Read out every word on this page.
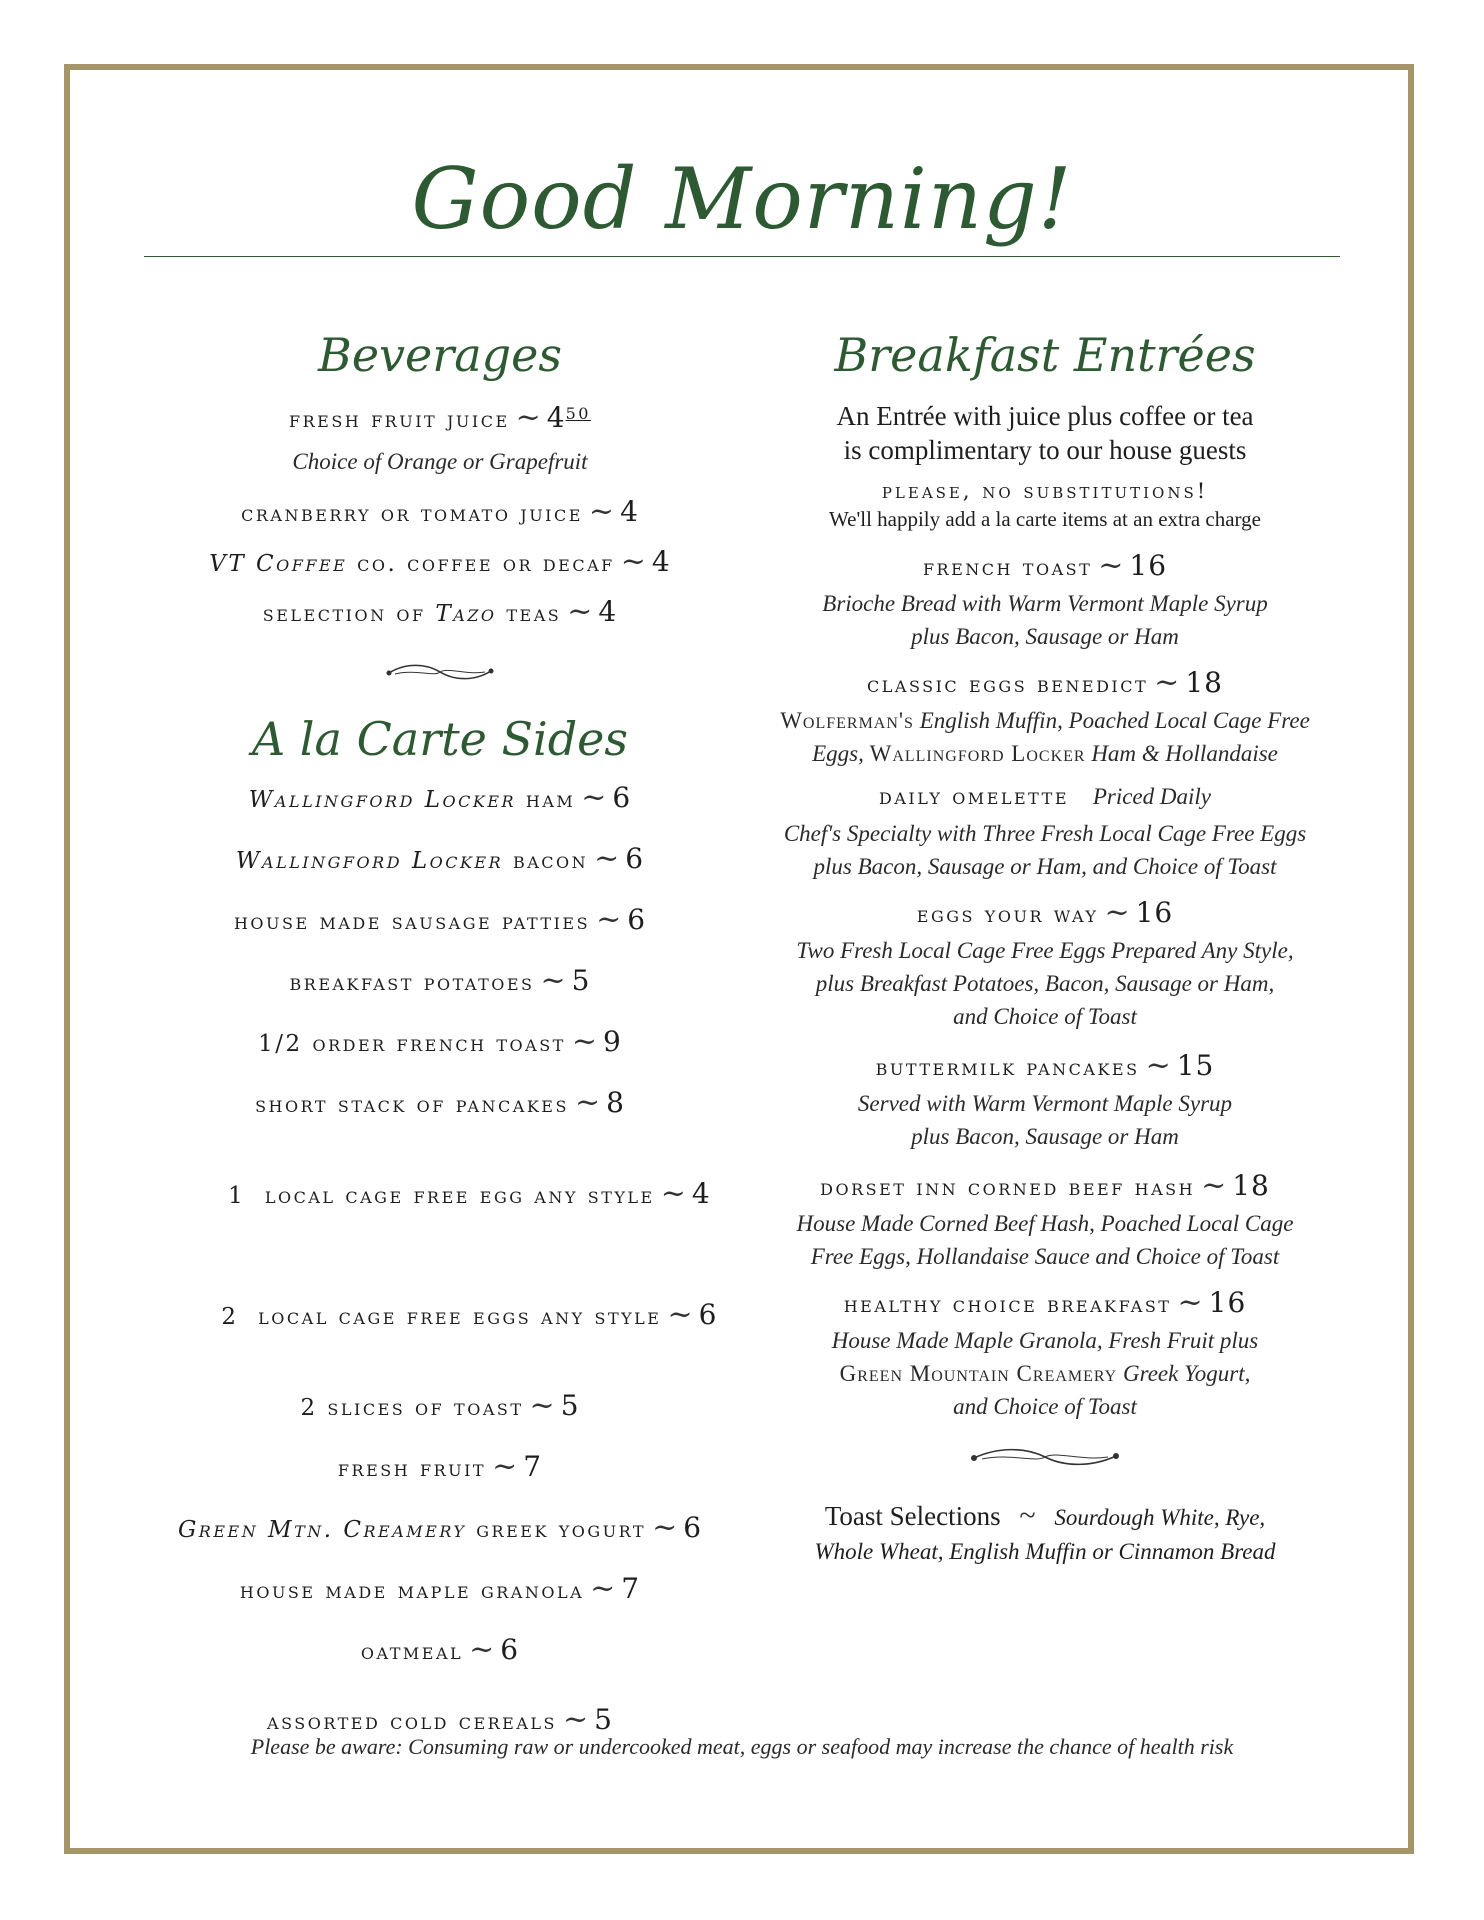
Good Morning!
Beverages
fresh fruit juice ~ $4^{50}$
Choice of Orange or Grapefruit
cranberry or tomato juice ~ 4
VT Coffee co. coffee or decaf ~ 4
selection of Tazo teas ~ 4
A la Carte Sides
Wallingford Locker ham ~ 6
Wallingford Locker bacon ~ 6
house made sausage patties ~ 6
breakfast potatoes ~ 5
1/2 order french toast ~ 9
short stack of pancakes ~ 8

1  local cage free egg any style ~ 4

2  local cage free eggs any style ~ 6

2 slices of toast ~ 5
fresh fruit ~ 7
Green Mtn. Creamery greek yogurt ~ 6
house made maple granola ~ 7
oatmeal ~ 6
assorted cold cereals ~ 5
Breakfast Entrées
An Entrée with juice plus coffee or tea
is complimentary to our house guests
please, no substitutions!
We'll happily add a la carte items at an extra charge
french toast ~ 16
Brioche Bread with Warm Vermont Maple Syrup
plus Bacon, Sausage or Ham
classic eggs benedict ~ 18
Wolferman's English Muffin, Poached Local Cage Free
Eggs, Wallingford Locker Ham & Hollandaise
daily omelette Priced Daily
Chef's Specialty with Three Fresh Local Cage Free Eggs
plus Bacon, Sausage or Ham, and Choice of Toast
eggs your way ~ 16
Two Fresh Local Cage Free Eggs Prepared Any Style,
plus Breakfast Potatoes, Bacon, Sausage or Ham,
and Choice of Toast
buttermilk pancakes ~ 15
Served with Warm Vermont Maple Syrup
plus Bacon, Sausage or Ham
dorset inn corned beef hash ~ 18
House Made Corned Beef Hash, Poached Local Cage
Free Eggs, Hollandaise Sauce and Choice of Toast
healthy choice breakfast ~ 16
House Made Maple Granola, Fresh Fruit plus
Green Mountain Creamery Greek Yogurt,
and Choice of Toast
Toast Selections ~ Sourdough White, Rye,
Whole Wheat, English Muffin or Cinnamon Bread
Please be aware: Consuming raw or undercooked meat, eggs or seafood may increase the chance of health risk
